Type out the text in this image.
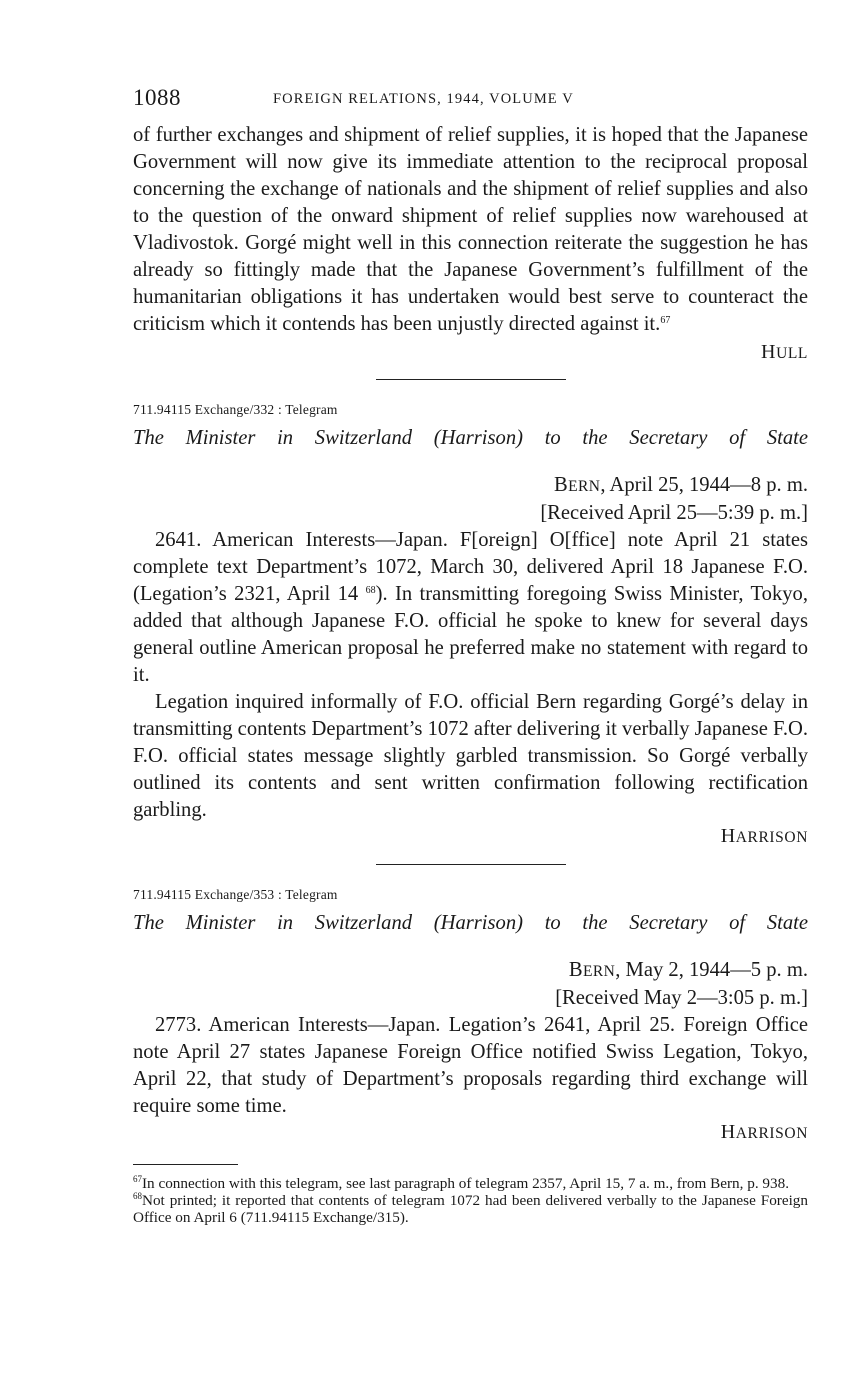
1088	FOREIGN RELATIONS, 1944, VOLUME V

of further exchanges and shipment of relief supplies, it is hoped that the Japanese Government will now give its immediate attention to the reciprocal proposal concerning the exchange of nationals and the shipment of relief supplies and also to the question of the onward shipment of relief supplies now warehoused at Vladivostok. Gorgé might well in this connection reiterate the suggestion he has already so fittingly made that the Japanese Government’s fulfillment of the humanitarian obligations it has undertaken would best serve to counteract the criticism which it contends has been unjustly directed against it.$^{67}$

HULL

711.94115 Exchange/332 : Telegram

The Minister in Switzerland (Harrison) to the Secretary of State

BERN, April 25, 1944—8 p. m.

[Received April 25—5:39 p. m.]

2641. American Interests—Japan. F[oreign] O[ffice] note April 21 states complete text Department’s 1072, March 30, delivered April 18 Japanese F.O. (Legation’s 2321, April 14 $^{68}$). In transmitting foregoing Swiss Minister, Tokyo, added that although Japanese F.O. official he spoke to knew for several days general outline American proposal he preferred make no statement with regard to it.

Legation inquired informally of F.O. official Bern regarding Gorgé’s delay in transmitting contents Department’s 1072 after delivering it verbally Japanese F.O. F.O. official states message slightly garbled transmission. So Gorgé verbally outlined its contents and sent written confirmation following rectification garbling.

HARRISON

711.94115 Exchange/353 : Telegram

The Minister in Switzerland (Harrison) to the Secretary of State

BERN, May 2, 1944—5 p. m.

[Received May 2—3:05 p. m.]

2773. American Interests—Japan. Legation’s 2641, April 25. Foreign Office note April 27 states Japanese Foreign Office notified Swiss Legation, Tokyo, April 22, that study of Department’s proposals regarding third exchange will require some time.

HARRISON

$^{67}$In connection with this telegram, see last paragraph of telegram 2357, April 15, 7 a. m., from Bern, p. 938.

$^{68}$Not printed; it reported that contents of telegram 1072 had been delivered verbally to the Japanese Foreign Office on April 6 (711.94115 Exchange/315).
